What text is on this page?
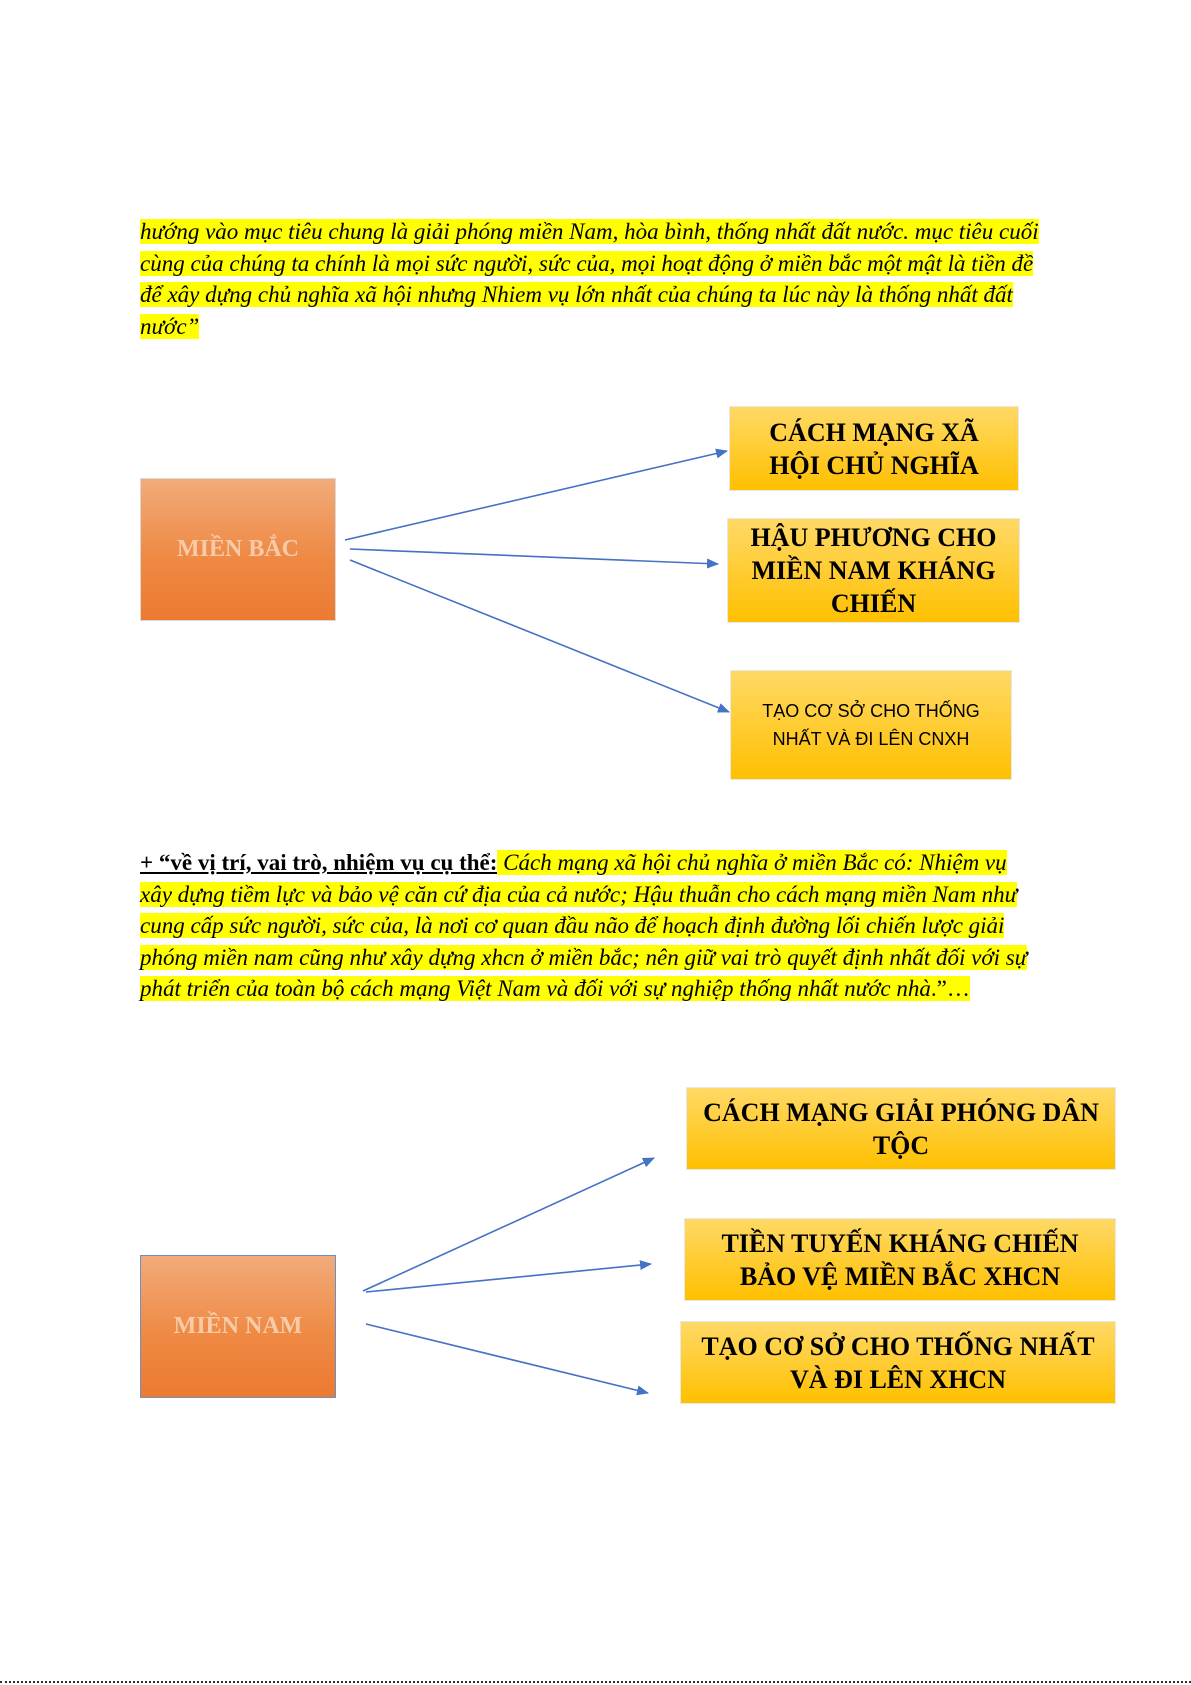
hướng vào mục tiêu chung là giải phóng miền Nam, hòa bình, thống nhất đất nước. mục tiêu cuối cùng của chúng ta chính là mọi sức người, sức của, mọi hoạt động ở miền bắc một mật là tiền đề để xây dựng chủ nghĩa xã hội nhưng Nhiem vụ lớn nhất của chúng ta lúc này là thống nhất đất nước”
MIỀN BẮC
CÁCH MẠNG XÃ HỘI CHỦ NGHĨA
HẬU PHƯƠNG CHO MIỀN NAM KHÁNG CHIẾN
TẠO CƠ SỞ CHO THỐNG NHẤT VÀ ĐI LÊN CNXH
+ “về vị trí, vai trò, nhiệm vụ cụ thể: Cách mạng xã hội chủ nghĩa ở miền Bắc có: Nhiệm vụ xây dựng tiềm lực và bảo vệ căn cứ địa của cả nước; Hậu thuẫn cho cách mạng miền Nam như cung cấp sức người, sức của, là nơi cơ quan đầu não để hoạch định đường lối chiến lược giải phóng miền nam cũng như xây dựng xhcn ở miền bắc; nên giữ vai trò quyết định nhất đối với sự phát triển của toàn bộ cách mạng Việt Nam và đối với sự nghiệp thống nhất nước nhà.”…
MIỀN NAM
CÁCH MẠNG GIẢI PHÓNG DÂN TỘC
TIỀN TUYẾN KHÁNG CHIẾN BẢO VỆ MIỀN BẮC XHCN
TẠO CƠ SỞ CHO THỐNG NHẤT VÀ ĐI LÊN XHCN
